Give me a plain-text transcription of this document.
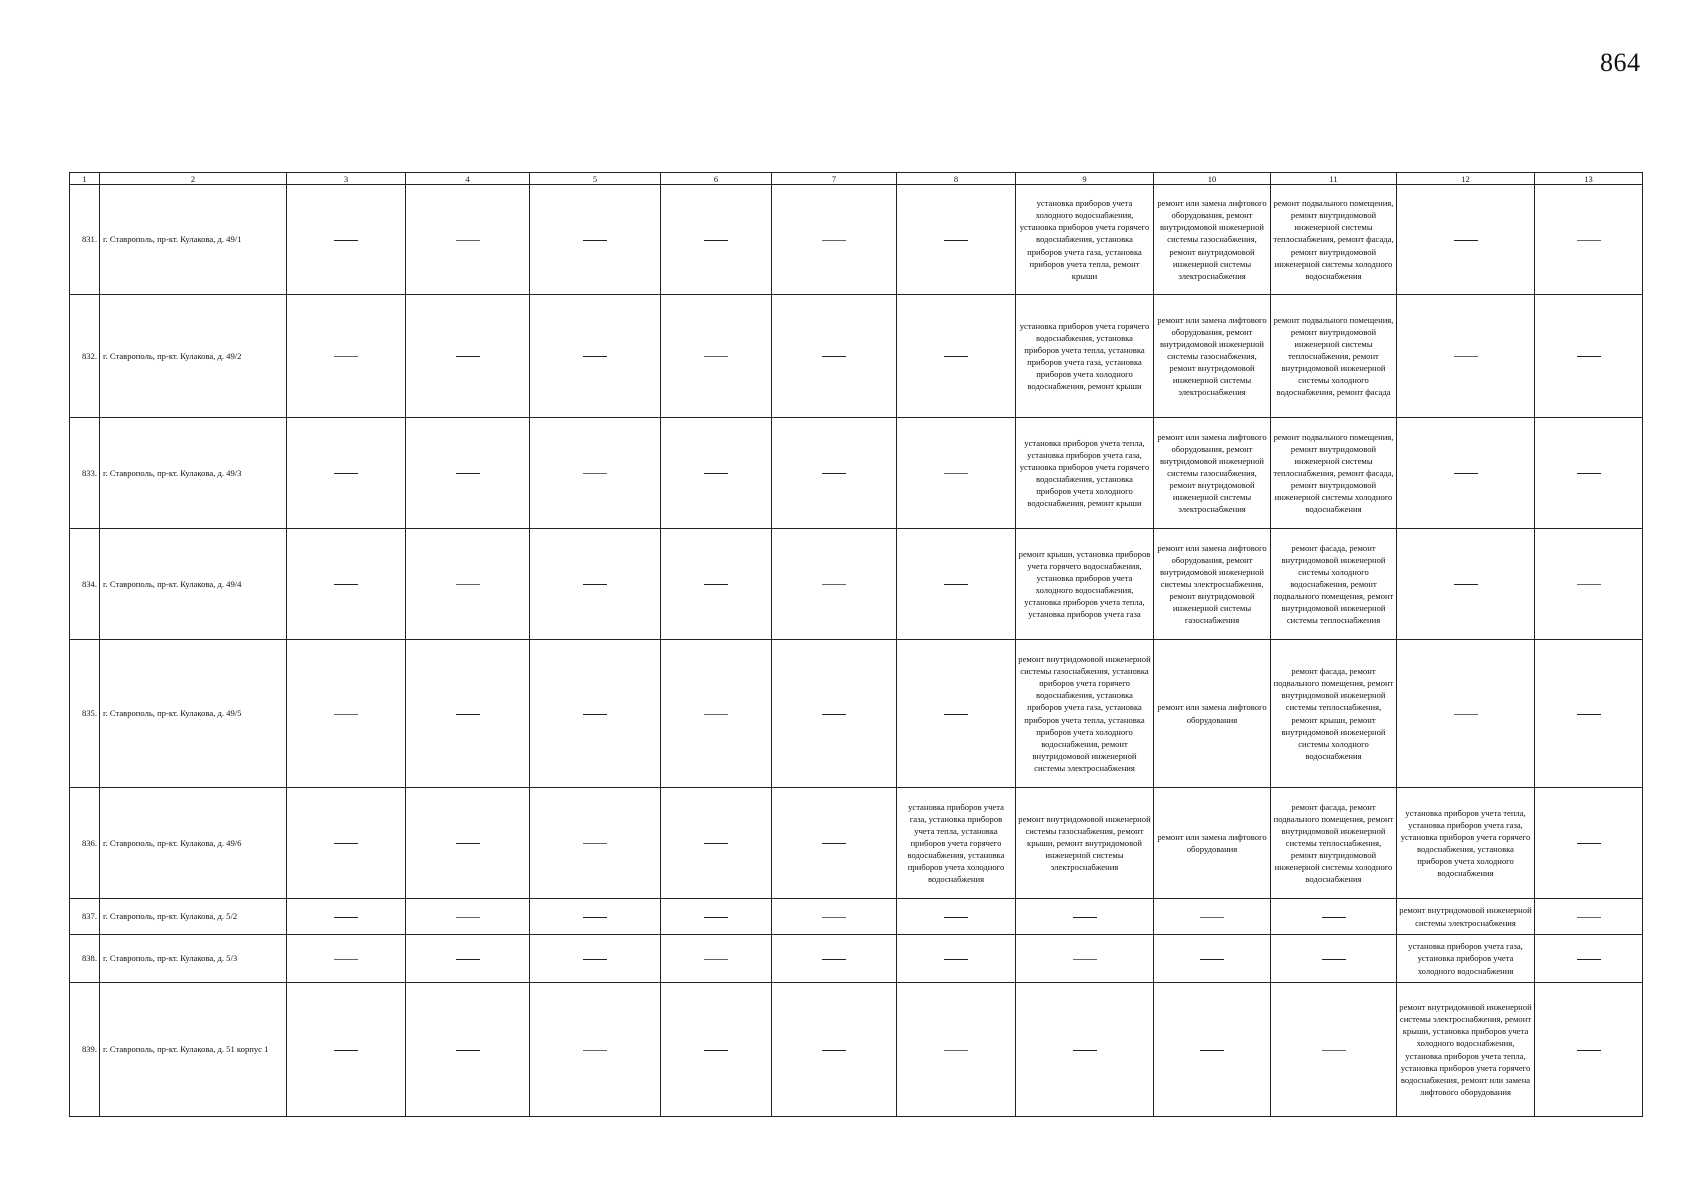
864
1	2	3	4	5	6	7	8	9	10	11	12	13
831.	г. Ставрополь, пр-кт. Кулакова, д. 49/1							установка приборов учета холодного водоснабжения, установка приборов учета горячего водоснабжения, установка приборов учета газа, установка приборов учета тепла, ремонт крыши	ремонт или замена лифтового оборудования, ремонт внутридомовой инженерной системы газоснабжения, ремонт внутридомовой инженерной системы электроснабжения	ремонт подвального помещения, ремонт внутридомовой инженерной системы теплоснабжения, ремонт фасада, ремонт внутридомовой инженерной системы холодного водоснабжения		
832.	г. Ставрополь, пр-кт. Кулакова, д. 49/2							установка приборов учета горячего водоснабжения, установка приборов учета тепла, установка приборов учета газа, установка приборов учета холодного водоснабжения, ремонт крыши	ремонт или замена лифтового оборудования, ремонт внутридомовой инженерной системы газоснабжения, ремонт внутридомовой инженерной системы электроснабжения	ремонт подвального помещения, ремонт внутридомовой инженерной системы теплоснабжения, ремонт внутридомовой инженерной системы холодного водоснабжения, ремонт фасада		
833.	г. Ставрополь, пр-кт. Кулакова, д. 49/3							установка приборов учета тепла, установка приборов учета газа, установка приборов учета горячего водоснабжения, установка приборов учета холодного водоснабжения, ремонт крыши	ремонт или замена лифтового оборудования, ремонт внутридомовой инженерной системы газоснабжения, ремонт внутридомовой инженерной системы электроснабжения	ремонт подвального помещения, ремонт внутридомовой инженерной системы теплоснабжения, ремонт фасада, ремонт внутридомовой инженерной системы холодного водоснабжения		
834.	г. Ставрополь, пр-кт. Кулакова, д. 49/4							ремонт крыши, установка приборов учета горячего водоснабжения, установка приборов учета холодного водоснабжения, установка приборов учета тепла, установка приборов учета газа	ремонт или замена лифтового оборудования, ремонт внутридомовой инженерной системы электроснабжения, ремонт внутридомовой инженерной системы газоснабжения	ремонт фасада, ремонт внутридомовой инженерной системы холодного водоснабжения, ремонт подвального помещения, ремонт внутридомовой инженерной системы теплоснабжения		
835.	г. Ставрополь, пр-кт. Кулакова, д. 49/5							ремонт внутридомовой инженерной системы газоснабжения, установка приборов учета горячего водоснабжения, установка приборов учета газа, установка приборов учета тепла, установка приборов учета холодного водоснабжения, ремонт внутридомовой инженерной системы электроснабжения	ремонт или замена лифтового оборудования	ремонт фасада, ремонт подвального помещения, ремонт внутридомовой инженерной системы теплоснабжения, ремонт крыши, ремонт внутридомовой инженерной системы холодного водоснабжения		
836.	г. Ставрополь, пр-кт. Кулакова, д. 49/6						установка приборов учета газа, установка приборов учета тепла, установка приборов учета горячего водоснабжения, установка приборов учета холодного водоснабжения	ремонт внутридомовой инженерной системы газоснабжения, ремонт крыши, ремонт внутридомовой инженерной системы электроснабжения	ремонт или замена лифтового оборудования	ремонт фасада, ремонт подвального помещения, ремонт внутридомовой инженерной системы теплоснабжения, ремонт внутридомовой инженерной системы холодного водоснабжения	установка приборов учета тепла, установка приборов учета газа, установка приборов учета горячего водоснабжения, установка приборов учета холодного водоснабжения	
837.	г. Ставрополь, пр-кт. Кулакова, д. 5/2										ремонт внутридомовой инженерной системы электроснабжения	
838.	г. Ставрополь, пр-кт. Кулакова, д. 5/3										установка приборов учета газа, установка приборов учета холодного водоснабжения	
839.	г. Ставрополь, пр-кт. Кулакова, д. 51 корпус 1										ремонт внутридомовой инженерной системы электроснабжения, ремонт крыши, установка приборов учета холодного водоснабжения, установка приборов учета тепла, установка приборов учета горячего водоснабжения, ремонт или замена лифтового оборудования	
